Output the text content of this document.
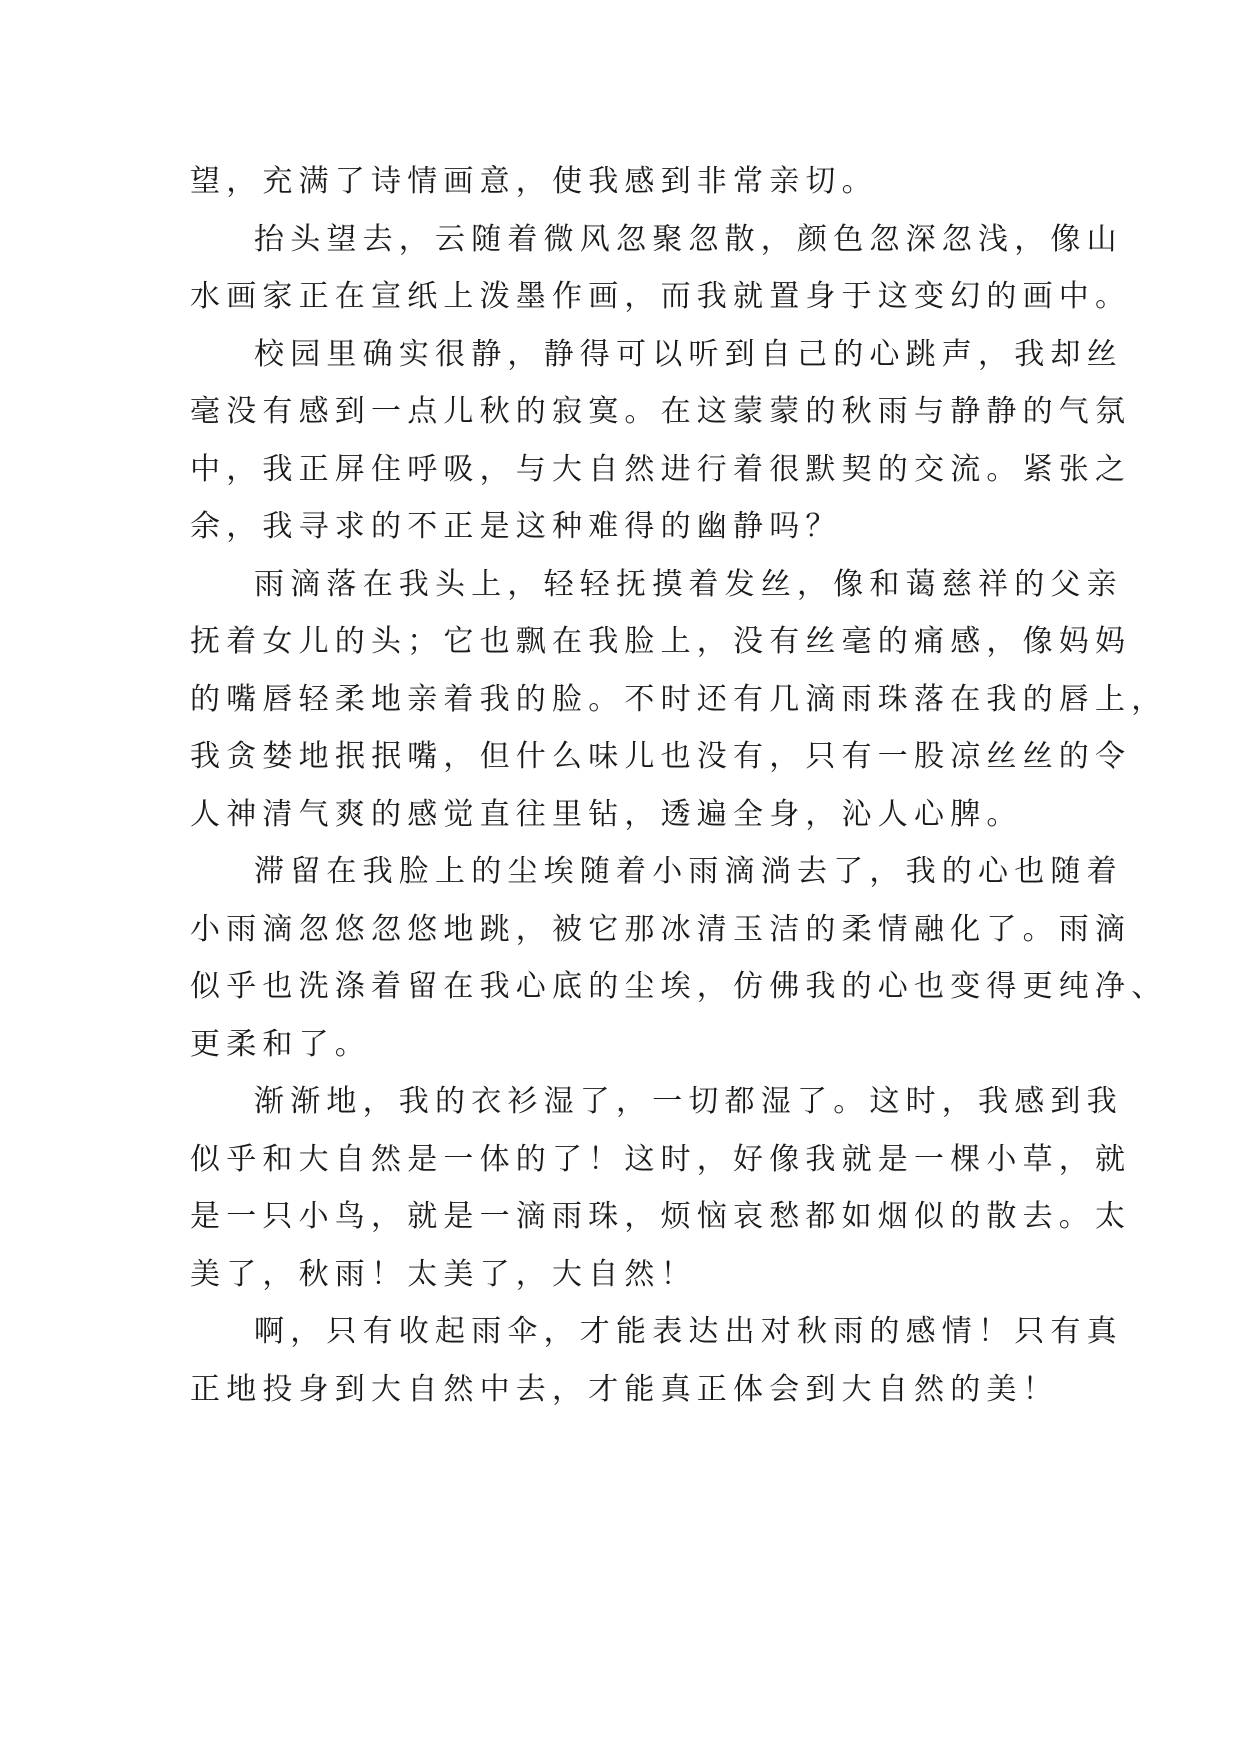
望，充满了诗情画意，使我感到非常亲切。
抬头望去，云随着微风忽聚忽散，颜色忽深忽浅，像山
水画家正在宣纸上泼墨作画，而我就置身于这变幻的画中。
校园里确实很静，静得可以听到自己的心跳声，我却丝
毫没有感到一点儿秋的寂寞。在这蒙蒙的秋雨与静静的气氛
中，我正屏住呼吸，与大自然进行着很默契的交流。紧张之
余，我寻求的不正是这种难得的幽静吗？
雨滴落在我头上，轻轻抚摸着发丝，像和蔼慈祥的父亲
抚着女儿的头；它也飘在我脸上，没有丝毫的痛感，像妈妈
的嘴唇轻柔地亲着我的脸。不时还有几滴雨珠落在我的唇上，
我贪婪地抿抿嘴，但什么味儿也没有，只有一股凉丝丝的令
人神清气爽的感觉直往里钻，透遍全身，沁人心脾。
滞留在我脸上的尘埃随着小雨滴淌去了，我的心也随着
小雨滴忽悠忽悠地跳，被它那冰清玉洁的柔情融化了。雨滴
似乎也洗涤着留在我心底的尘埃，仿佛我的心也变得更纯净、
更柔和了。
渐渐地，我的衣衫湿了，一切都湿了。这时，我感到我
似乎和大自然是一体的了！这时，好像我就是一棵小草，就
是一只小鸟，就是一滴雨珠，烦恼哀愁都如烟似的散去。太
美了，秋雨！太美了，大自然！
啊，只有收起雨伞，才能表达出对秋雨的感情！只有真
正地投身到大自然中去，才能真正体会到大自然的美！
